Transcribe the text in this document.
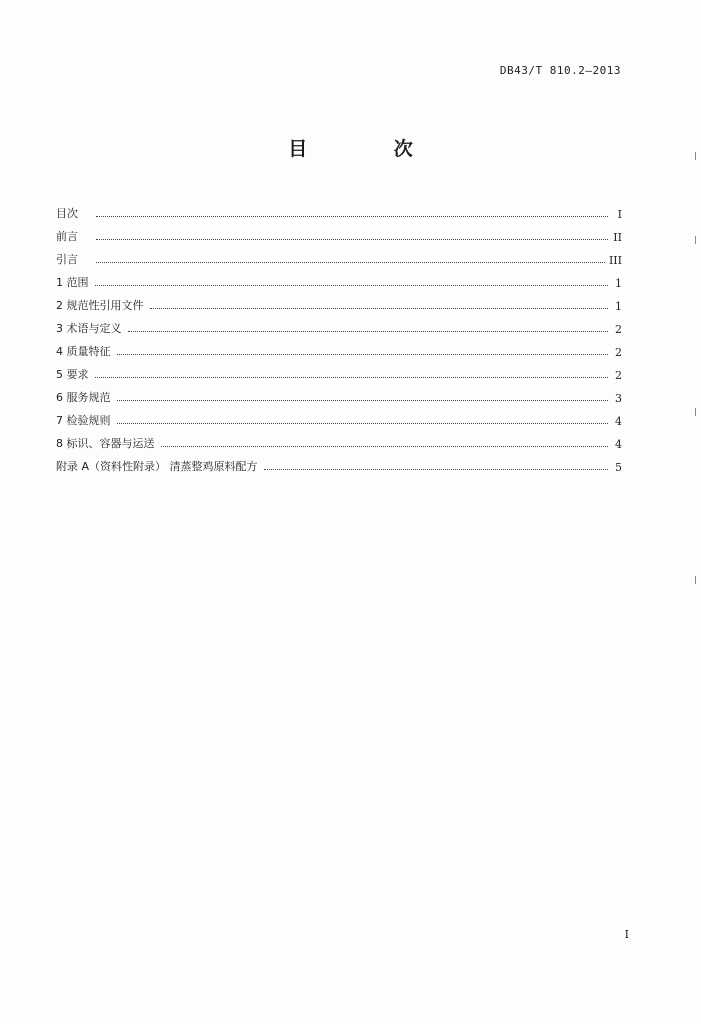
DB43/T 810.2—2013
目 次
目次	I
前言	II
引言	III
1 范围	1
2 规范性引用文件	1
3 术语与定义	2
4 质量特征	2
5 要求	2
6 服务规范	3
7 检验规则	4
8 标识、容器与运送	4
附录 A（资料性附录） 清蒸整鸡原料配方	5
I
